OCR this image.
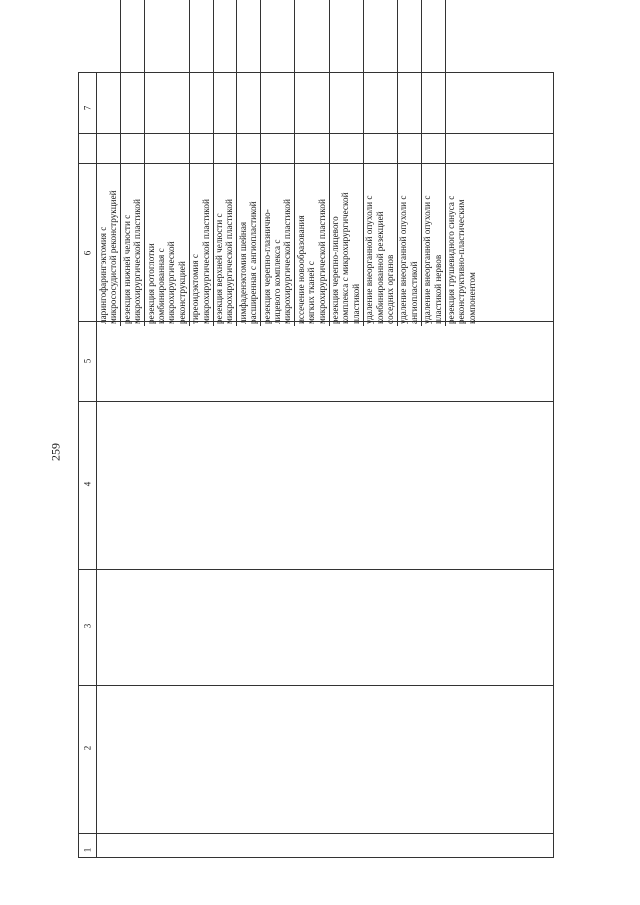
259
7
6
5
4
3
2
1
ларингофарингэктомия с микрососудистой реконструкцией резекция нижней челюсти с микрохирургической пластикой резекция ротоглотки комбинированная с микрохирургической реконструкцией тиреоидэктомия с микрохирургической пластикой резекция верхней челюсти с микрохирургической пластикой лимфаденэктомия шейная расширенная с ангиопластикой резекция черепно-глазнично- лицевого комплекса с микрохирургической пластикой иссечение новообразования мягких тканей с микрохирургической пластикой резекция черепно-лицевого комплекса с микрохирургической пластикой удаление внеорганной опухоли с комбинированной резекцией соседних органов удаление внеорганной опухоли с ангиопластикой удаление внеорганной опухоли с пластикой нервов резекция грушевидного синуса с реконструктивно-пластическим компонентом
